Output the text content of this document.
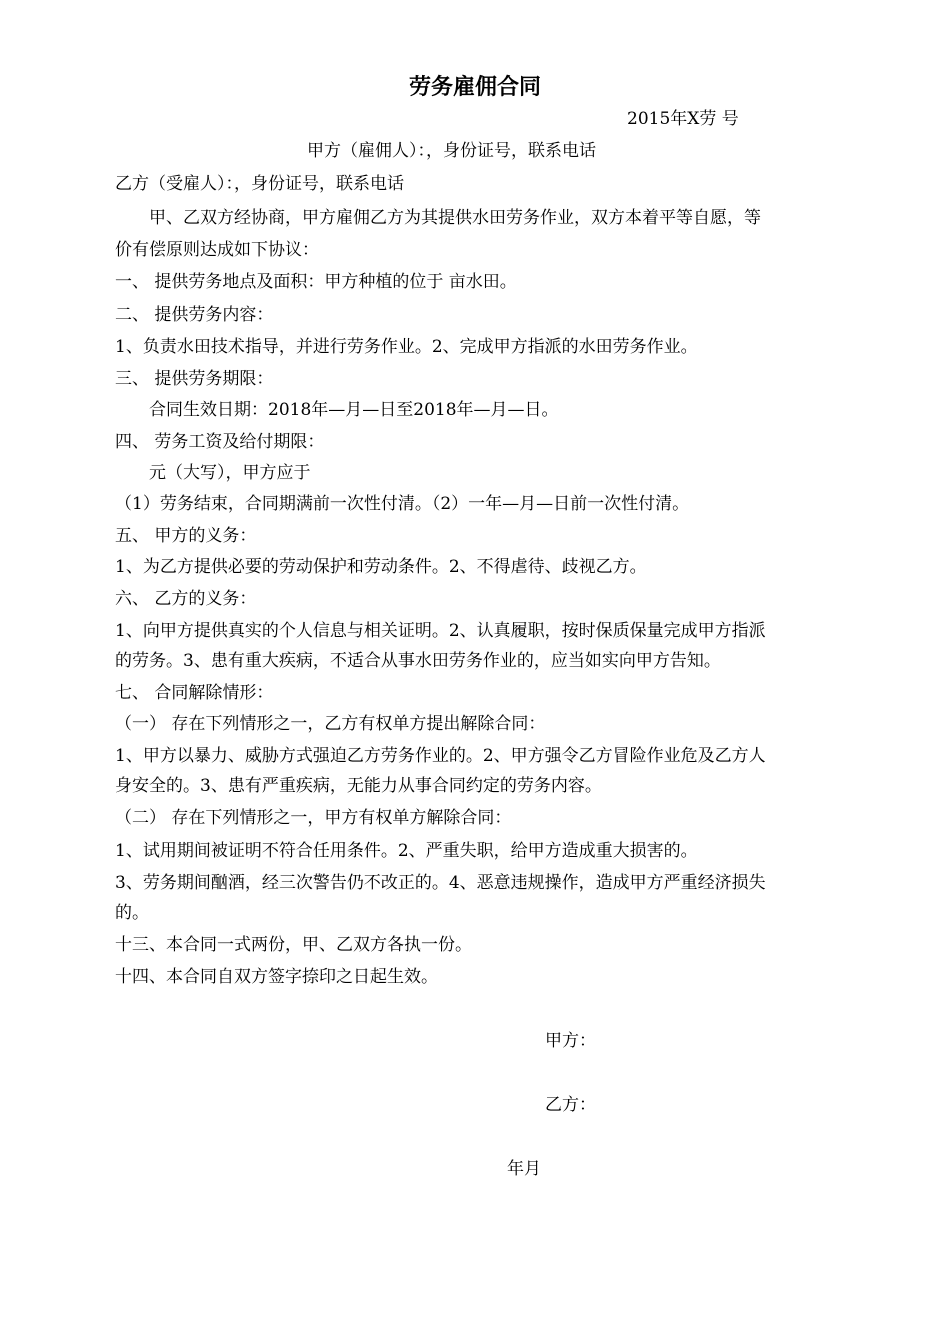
劳务雇佣合同
2015年X劳 号
甲方（雇佣人）：，身份证号，联系电话
乙方（受雇人）：，身份证号，联系电话
甲、乙双方经协商，甲方雇佣乙方为其提供水田劳务作业，双方本着平等自愿，等
价有偿原则达成如下协议：
一、 提供劳务地点及面积：甲方种植的位于 亩水田。
二、 提供劳务内容：
1、负责水田技术指导，并进行劳务作业。2、完成甲方指派的水田劳务作业。
三、 提供劳务期限：
合同生效日期：2018年—月—日至2018年—月—日。
四、 劳务工资及给付期限：
元（大写），甲方应于
（1）劳务结束，合同期满前一次性付清。（2）一年—月—日前一次性付清。
五、 甲方的义务：
1、为乙方提供必要的劳动保护和劳动条件。2、不得虐待、歧视乙方。
六、 乙方的义务：
1、向甲方提供真实的个人信息与相关证明。2、认真履职，按时保质保量完成甲方指派
的劳务。3、患有重大疾病，不适合从事水田劳务作业的，应当如实向甲方告知。
七、 合同解除情形：
（一） 存在下列情形之一，乙方有权单方提出解除合同：
1、甲方以暴力、威胁方式强迫乙方劳务作业的。2、甲方强令乙方冒险作业危及乙方人
身安全的。3、患有严重疾病，无能力从事合同约定的劳务内容。
（二） 存在下列情形之一，甲方有权单方解除合同：
1、试用期间被证明不符合任用条件。2、严重失职，给甲方造成重大损害的。
3、劳务期间酗酒，经三次警告仍不改正的。4、恶意违规操作，造成甲方严重经济损失
的。
十三、本合同一式两份，甲、乙双方各执一份。
十四、本合同自双方签字捺印之日起生效。
甲方：
乙方：
年月
